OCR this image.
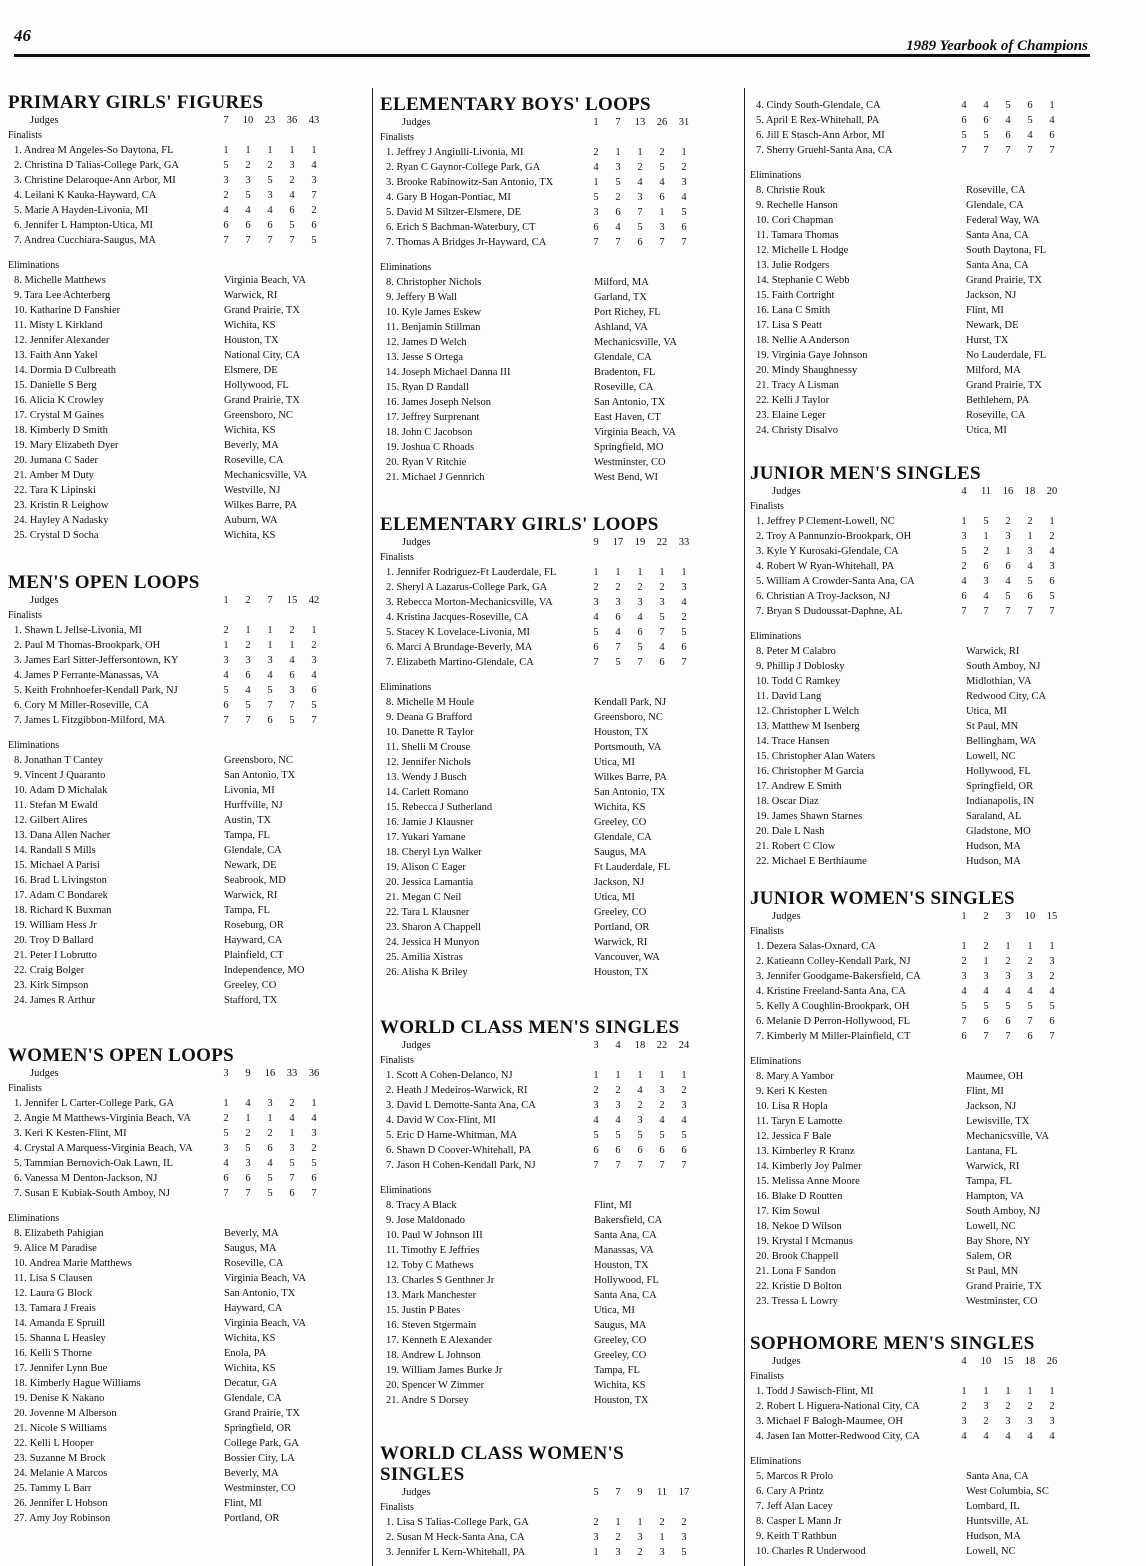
46
1989 Yearbook of Champions
PRIMARY GIRLS' FIGURES
Judges	7	10 23 36 43
Finalists
1. Andrea M Angeles-So Daytona, FL	1	1	1	1	1
2. Christina D Talias-College Park, GA	5	2	2	3	4
3. Christine Delaroque-Ann Arbor, MI	3	3	5	2	3
4. Leilani K Kauka-Hayward, CA	2	5	3	4	7
5. Marie A Hayden-Livonia, MI	4	4	4	6	2
6. Jennifer L Hampton-Utica, MI	6	6	6	5	6
7. Andrea Cucchiara-Saugus, MA	7	7	7	7	5
Eliminations
8. Michelle Matthews	Virginia Beach, VA
9. Tara Lee Achterberg	Warwick, RI
10. Katharine D Fanshier	Grand Prairie, TX
11. Misty L Kirkland	Wichita, KS
12. Jennifer Alexander	Houston, TX
13. Faith Ann Yakel	National City, CA
14. Dormia D Culbreath	Elsmere, DE
15. Danielle S Berg	Hollywood, FL
16. Alicia K Crowley	Grand Prairie, TX
17. Crystal M Gaines	Greensboro, NC
18. Kimberly D Smith	Wichita, KS
19. Mary Elizabeth Dyer	Beverly, MA
20. Jumana C Sader	Roseville, CA
21. Amber M Duty	Mechanicsville, VA
22. Tara K Lipinski	Westville, NJ
23. Kristin R Leighow	Wilkes Barre, PA
24. Hayley A Nadasky	Auburn, WA
25. Crystal D Socha	Wichita, KS
MEN'S OPEN LOOPS
Judges	1	2	7	15 42
Finalists
1. Shawn L Jellse-Livonia, MI	2	1	1	2	1
2. Paul M Thomas-Brookpark, OH	1	2	1	1	2
3. James Earl Sitter-Jeffersontown, KY	3	3	3	4	3
4. James P Ferrante-Manassas, VA	4	6	4	6	4
5. Keith Frohnhoefer-Kendall Park, NJ	5	4	5	3	6
6. Cory M Miller-Roseville, CA	6	5	7	7	5
7. James L Fitzgibbon-Milford, MA	7	7	6	5	7
Eliminations
8. Jonathan T Cantey	Greensboro, NC
9. Vincent J Quaranto	San Antonio, TX
10. Adam D Michalak	Livonia, MI
11. Stefan M Ewald	Hurffville, NJ
12. Gilbert Alires	Austin, TX
13. Dana Allen Nacher	Tampa, FL
14. Randall S Mills	Glendale, CA
15. Michael A Parisi	Newark, DE
16. Brad L Livingston	Seabrook, MD
17. Adam C Bondarek	Warwick, RI
18. Richard K Buxman	Tampa, FL
19. William Hess Jr	Roseburg, OR
20. Troy D Ballard	Hayward, CA
21. Peter I Lobrutto	Plainfield, CT
22. Craig Bolger	Independence, MO
23. Kirk Simpson	Greeley, CO
24. James R Arthur	Stafford, TX
WOMEN'S OPEN LOOPS
Judges	3	9	16 33 36
Finalists
1. Jennifer L Carter-College Park, GA	1	4	3	2	1
2. Angie M Matthews-Virginia Beach, VA	2	1	1	4	4
3. Keri K Kesten-Flint, MI	5	2	2	1	3
4. Crystal A Marquess-Virginia Beach, VA	3	5	6	3	2
5. Tammian Bernovich-Oak Lawn, IL	4	3	4	5	5
6. Vanessa M Denton-Jackson, NJ	6	6	5	7	6
7. Susan E Kubiak-South Amboy, NJ	7	7	5	6	7
Eliminations
8. Elizabeth Pahigian	Beverly, MA
9. Alice M Paradise	Saugus, MA
10. Andrea Marie Matthews	Roseville, CA
11. Lisa S Clausen	Virginia Beach, VA
12. Laura G Block	San Antonio, TX
13. Tamara J Freais	Hayward, CA
14. Amanda E Spruill	Virginia Beach, VA
15. Shanna L Heasley	Wichita, KS
16. Kelli S Thorne	Enola, PA
17. Jennifer Lynn Bue	Wichita, KS
18. Kimberly Hague Williams	Decatur, GA
19. Denise K Nakano	Glendale, CA
20. Jovenne M Alberson	Grand Prairie, TX
21. Nicole S Williams	Springfield, OR
22. Kelli L Hooper	College Park, GA
23. Suzanne M Brock	Bossier City, LA
24. Melanie A Marcos	Beverly, MA
25. Tammy L Barr	Westminster, CO
26. Jennifer L Hobson	Flint, MI
27. Amy Joy Robinson	Portland, OR
ELEMENTARY BOYS' LOOPS
Judges	1	7	13 26 31
Finalists
1. Jeffrey J Angiulli-Livonia, MI	2	1	1	2	1
2. Ryan C Gaynor-College Park, GA	4	3	2	5	2
3. Brooke Rabinowitz-San Antonio, TX	1	5	4	4	3
4. Gary B Hogan-Pontiac, MI	5	2	3	6	4
5. David M Siltzer-Elsmere, DE	3	6	7	1	5
6. Erich S Bachman-Waterbury, CT	6	4	5	3	6
7. Thomas A Bridges Jr-Hayward, CA	7	7	6	7	7
Eliminations
8. Christopher Nichols	Milford, MA
9. Jeffery B Wall	Garland, TX
10. Kyle James Eskew	Port Richey, FL
11. Benjamin Stillman	Ashland, VA
12. James D Welch	Mechanicsville, VA
13. Jesse S Ortega	Glendale, CA
14. Joseph Michael Danna III	Bradenton, FL
15. Ryan D Randall	Roseville, CA
16. James Joseph Nelson	San Antonio, TX
17. Jeffrey Surprenant	East Haven, CT
18. John C Jacobson	Virginia Beach, VA
19. Joshua C Rhoads	Springfield, MO
20. Ryan V Ritchie	Westminster, CO
21. Michael J Gennrich	West Bend, WI
ELEMENTARY GIRLS' LOOPS
Judges	9	17 19 22 33
Finalists
1. Jennifer Rodriguez-Ft Lauderdale, FL	1	1	1	1	1
2. Sheryl A Lazarus-College Park, GA	2	2	2	2	3
3. Rebecca Morton-Mechanicsville, VA	3	3	3	3	4
4. Kristina Jacques-Roseville, CA	4	6	4	5	2
5. Stacey K Lovelace-Livonia, MI	5	4	6	7	5
6. Marci A Brundage-Beverly, MA	6	7	5	4	6
7. Elizabeth Martino-Glendale, CA	7	5	7	6	7
Eliminations
8. Michelle M Houle	Kendall Park, NJ
9. Deana G Brafford	Greensboro, NC
10. Danette R Taylor	Houston, TX
11. Shelli M Crouse	Portsmouth, VA
12. Jennifer Nichols	Utica, MI
13. Wendy J Busch	Wilkes Barre, PA
14. Carlett Romano	San Antonio, TX
15. Rebecca J Sutherland	Wichita, KS
16. Jamie J Klausner	Greeley, CO
17. Yukari Yamane	Glendale, CA
18. Cheryl Lyn Walker	Saugus, MA
19. Alison C Eager	Ft Lauderdale, FL
20. Jessica Lamantia	Jackson, NJ
21. Megan C Neil	Utica, MI
22. Tara L Klausner	Greeley, CO
23. Sharon A Chappell	Portland, OR
24. Jessica H Munyon	Warwick, RI
25. Amilia Xistras	Vancouver, WA
26. Alisha K Briley	Houston, TX
WORLD CLASS MEN'S SINGLES
Judges	3	4	18 22 24
Finalists
1. Scott A Cohen-Delanco, NJ	1	1	1	1	1
2. Heath J Medeiros-Warwick, RI	2	2	4	3	2
3. David L Demotte-Santa Ana, CA	3	3	2	2	3
4. David W Cox-Flint, MI	4	4	3	4	4
5. Eric D Harne-Whitman, MA	5	5	5	5	5
6. Shawn D Coover-Whitehall, PA	6	6	6	6	6
7. Jason H Cohen-Kendall Park, NJ	7	7	7	7	7
Eliminations
8. Tracy A Black	Flint, MI
9. Jose Maldonado	Bakersfield, CA
10. Paul W Johnson III	Santa Ana, CA
11. Timothy E Jeffries	Manassas, VA
12. Toby C Mathews	Houston, TX
13. Charles S Genthner Jr	Hollywood, FL
13. Mark Manchester	Santa Ana, CA
15. Justin P Bates	Utica, MI
16. Steven Stgermain	Saugus, MA
17. Kenneth E Alexander	Greeley, CO
18. Andrew L Johnson	Greeley, CO
19. William James Burke Jr	Tampa, FL
20. Spencer W Zimmer	Wichita, KS
21. Andre S Dorsey	Houston, TX
WORLD CLASS WOMEN'S
SINGLES
Judges	5	7	9	11 17
Finalists
1. Lisa S Talias-College Park, GA	2	1	1	2	2
2. Susan M Heck-Santa Ana, CA	3	2	3	1	3
3. Jennifer L Kern-Whitehall, PA	1	3	2	3	5
4. Cindy South-Glendale, CA	4	4	5	6	1
5. April E Rex-Whitehall, PA	6	6	4	5	4
6. Jill E Stasch-Ann Arbor, MI	5	5	6	4	6
7. Sherry Gruehl-Santa Ana, CA	7	7	7	7	7
Eliminations
8. Christie Rouk	Roseville, CA
9. Rechelle Hanson	Glendale, CA
10. Cori Chapman	Federal Way, WA
11. Tamara Thomas	Santa Ana, CA
12. Michelle L Hodge	South Daytona, FL
13. Julie Rodgers	Santa Ana, CA
14. Stephanie C Webb	Grand Prairie, TX
15. Faith Cortright	Jackson, NJ
16. Lana C Smith	Flint, MI
17. Lisa S Peatt	Newark, DE
18. Nellie A Anderson	Hurst, TX
19. Virginia Gaye Johnson	No Lauderdale, FL
20. Mindy Shaughnessy	Milford, MA
21. Tracy A Lisman	Grand Prairie, TX
22. Kelli J Taylor	Bethlehem, PA
23. Elaine Leger	Roseville, CA
24. Christy Disalvo	Utica, MI
JUNIOR MEN'S SINGLES
Judges	4	11 16 18 20
Finalists
1. Jeffrey P Clement-Lowell, NC	1	5	2	2	1
2. Troy A Pannunzio-Brookpark, OH	3	1	3	1	2
3. Kyle Y Kurosaki-Glendale, CA	5	2	1	3	4
4. Robert W Ryan-Whitehall, PA	2	6	6	4	3
5. William A Crowder-Santa Ana, CA	4	3	4	5	6
6. Christian A Troy-Jackson, NJ	6	4	5	6	5
7. Bryan S Dudoussat-Daphne, AL	7	7	7	7	7
Eliminations
8. Peter M Calabro	Warwick, RI
9. Phillip J Doblosky	South Amboy, NJ
10. Todd C Ramkey	Midlothian, VA
11. David Lang	Redwood City, CA
12. Christopher L Welch	Utica, MI
13. Matthew M Isenberg	St Paul, MN
14. Trace Hansen	Bellingham, WA
15. Christopher Alan Waters	Lowell, NC
16. Christopher M Garcia	Hollywood, FL
17. Andrew E Smith	Springfield, OR
18. Oscar Diaz	Indianapolis, IN
19. James Shawn Starnes	Saraland, AL
20. Dale L Nash	Gladstone, MO
21. Robert C Clow	Hudson, MA
22. Michael E Berthiaume	Hudson, MA
JUNIOR WOMEN'S SINGLES
Judges	1	2	3	10 15
Finalists
1. Dezera Salas-Oxnard, CA	1	2	1	1	1
2. Katieann Colley-Kendall Park, NJ	2	1	2	2	3
3. Jennifer Goodgame-Bakersfield, CA	3	3	3	3	2
4. Kristine Freeland-Santa Ana, CA	4	4	4	4	4
5. Kelly A Coughlin-Brookpark, OH	5	5	5	5	5
6. Melanie D Perron-Hollywood, FL	7	6	6	7	6
7. Kimberly M Miller-Plainfield, CT	6	7	7	6	7
Eliminations
8. Mary A Yambor	Maumee, OH
9. Keri K Kesten	Flint, MI
10. Lisa R Hopla	Jackson, NJ
11. Taryn E Lamotte	Lewisville, TX
12. Jessica F Bale	Mechanicsville, VA
13. Kimberley R Kranz	Lantana, FL
14. Kimberly Joy Palmer	Warwick, RI
15. Melissa Anne Moore	Tampa, FL
16. Blake D Routten	Hampton, VA
17. Kim Sowul	South Amboy, NJ
18. Nekoe D Wilson	Lowell, NC
19. Krystal I Mcmanus	Bay Shore, NY
20. Brook Chappell	Salem, OR
21. Lona F Sandon	St Paul, MN
22. Kristie D Bolton	Grand Prairie, TX
23. Tressa L Lowry	Westminster, CO
SOPHOMORE MEN'S SINGLES
Judges	4	10 15 18 26
Finalists
1. Todd J Sawisch-Flint, MI	1	1	1	1	1
2. Robert L Higuera-National City, CA	2	3	2	2	2
3. Michael F Balogh-Maumee, OH	3	2	3	3	3
4. Jasen Ian Motter-Redwood City, CA	4	4	4	4	4
Eliminations
5. Marcos R Prolo	Santa Ana, CA
6. Cary A Printz	West Columbia, SC
7. Jeff Alan Lacey	Lombard, IL
8. Casper L Mann Jr	Huntsville, AL
9. Keith T Rathbun	Hudson, MA
10. Charles R Underwood	Lowell, NC
